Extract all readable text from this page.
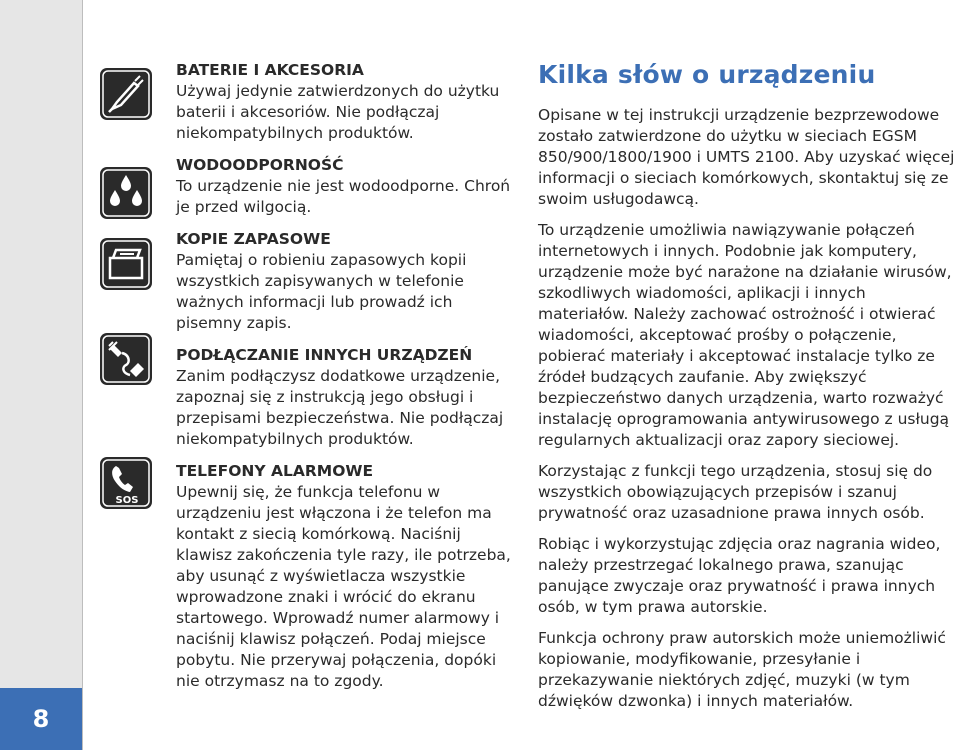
8
SOS
BATERIE I AKCESORIA
Używaj jedynie zatwierdzonych do użytku baterii i akcesoriów. Nie podłączaj niekompatybilnych produktów.
WODOODPORNOŚĆ
To urządzenie nie jest wodoodporne. Chroń je przed wilgocią.
KOPIE ZAPASOWE
Pamiętaj o robieniu zapasowych kopii wszystkich zapisywanych w telefonie ważnych informacji lub prowadź ich pisemny zapis.
PODŁĄCZANIE INNYCH URZĄDZEŃ
Zanim podłączysz dodatkowe urządzenie, zapoznaj się z instrukcją jego obsługi i przepisami bezpieczeństwa. Nie podłączaj niekompatybilnych produktów.
TELEFONY ALARMOWE
Upewnij się, że funkcja telefonu w urządzeniu jest włączona i że telefon ma kontakt z siecią komórkową. Naciśnij klawisz zakończenia tyle razy, ile potrzeba, aby usunąć z wyświetlacza wszystkie wprowadzone znaki i wrócić do ekranu startowego. Wprowadź numer alarmowy i naciśnij klawisz połączeń. Podaj miejsce pobytu. Nie przerywaj połączenia, dopóki nie otrzymasz na to zgody.
Kilka słów o urządzeniu

Opisane w tej instrukcji urządzenie bezprzewodowe zostało zatwierdzone do użytku w sieciach EGSM 850/900/1800/1900 i UMTS 2100. Aby uzyskać więcej informacji o sieciach komórkowych, skontaktuj się ze swoim usługodawcą.

To urządzenie umożliwia nawiązywanie połączeń internetowych i innych. Podobnie jak komputery, urządzenie może być narażone na działanie wirusów, szkodliwych wiadomości, aplikacji i innych materiałów. Należy zachować ostrożność i otwierać wiadomości, akceptować prośby o połączenie, pobierać materiały i akceptować instalacje tylko ze źródeł budzących zaufanie. Aby zwiększyć bezpieczeństwo danych urządzenia, warto rozważyć instalację oprogramowania antywirusowego z usługą regularnych aktualizacji oraz zapory sieciowej.

Korzystając z funkcji tego urządzenia, stosuj się do wszystkich obowiązujących przepisów i szanuj prywatność oraz uzasadnione prawa innych osób.

Robiąc i wykorzystując zdjęcia oraz nagrania wideo, należy przestrzegać lokalnego prawa, szanując panujące zwyczaje oraz prywatność i prawa innych osób, w tym prawa autorskie.

Funkcja ochrony praw autorskich może uniemożliwić kopiowanie, modyfikowanie, przesyłanie i przekazywanie niektórych zdjęć, muzyki (w tym dźwięków dzwonka) i innych materiałów.
